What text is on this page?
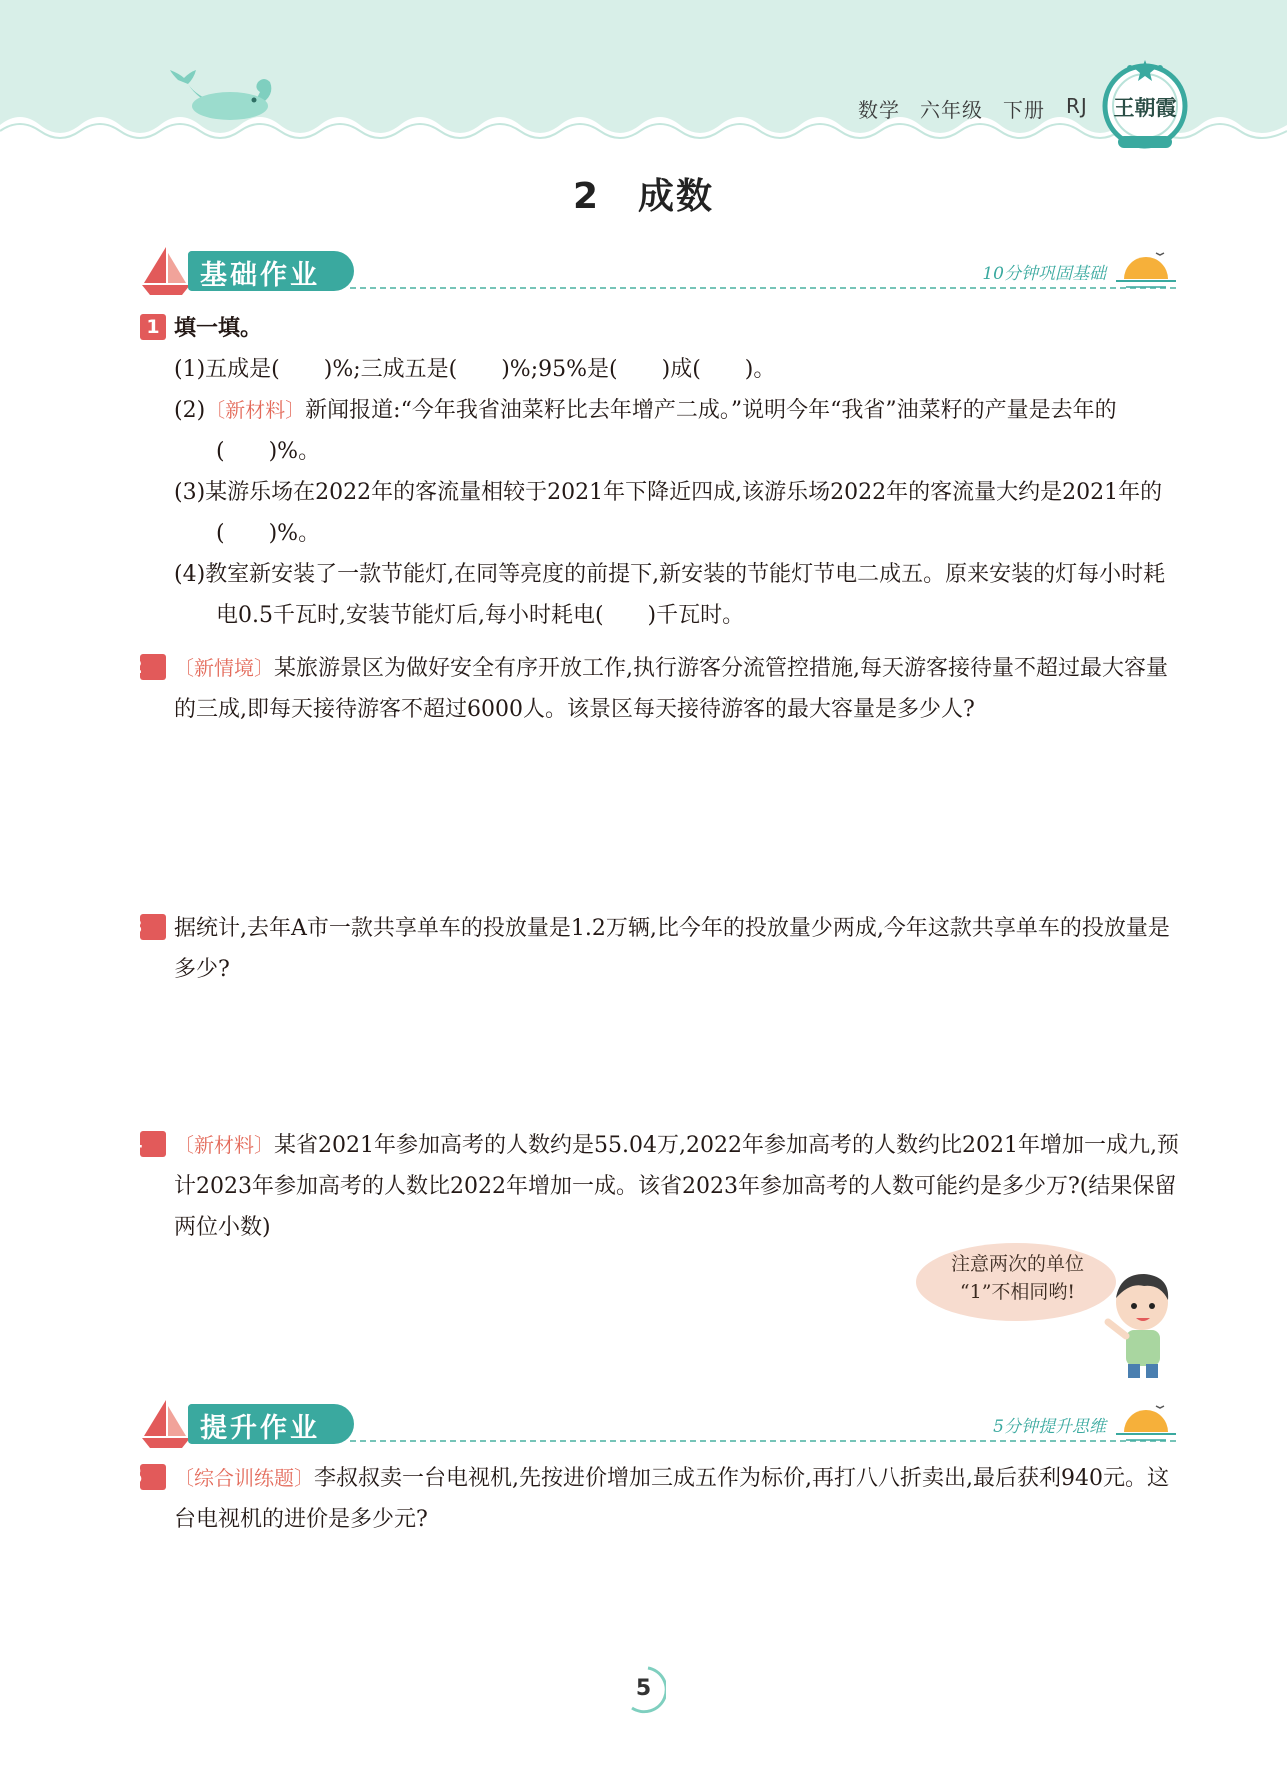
数学 六年级 下册 RJ 王朝霞
2　成数
基础作业	10分钟巩固基础
1 填一填。
(1)五成是(　　)%;三成五是(　　)%;95%是(　　)成(　　)。
(2)〔新材料〕新闻报道:“今年我省油菜籽比去年增产二成。”说明今年“我省”油菜籽的产量是去年的(　　)%。
(3)某游乐场在2022年的客流量相较于2021年下降近四成,该游乐场2022年的客流量大约是2021年的(　　)%。
(4)教室新安装了一款节能灯,在同等亮度的前提下,新安装的节能灯节电二成五。原来安装的灯每小时耗电0.5千瓦时,安装节能灯后,每小时耗电(　　)千瓦时。
2 〔新情境〕某旅游景区为做好安全有序开放工作,执行游客分流管控措施,每天游客接待量不超过最大容量的三成,即每天接待游客不超过6000人。该景区每天接待游客的最大容量是多少人?
3 据统计,去年A市一款共享单车的投放量是1.2万辆,比今年的投放量少两成,今年这款共享单车的投放量是多少?
4 〔新材料〕某省2021年参加高考的人数约是55.04万,2022年参加高考的人数约比2021年增加一成九,预计2023年参加高考的人数比2022年增加一成。该省2023年参加高考的人数可能约是多少万?(结果保留两位小数)
注意两次的单位
“1”不相同哟!
提升作业	5分钟提升思维
5 〔综合训练题〕李叔叔卖一台电视机,先按进价增加三成五作为标价,再打八八折卖出,最后获利940元。这台电视机的进价是多少元?
5
